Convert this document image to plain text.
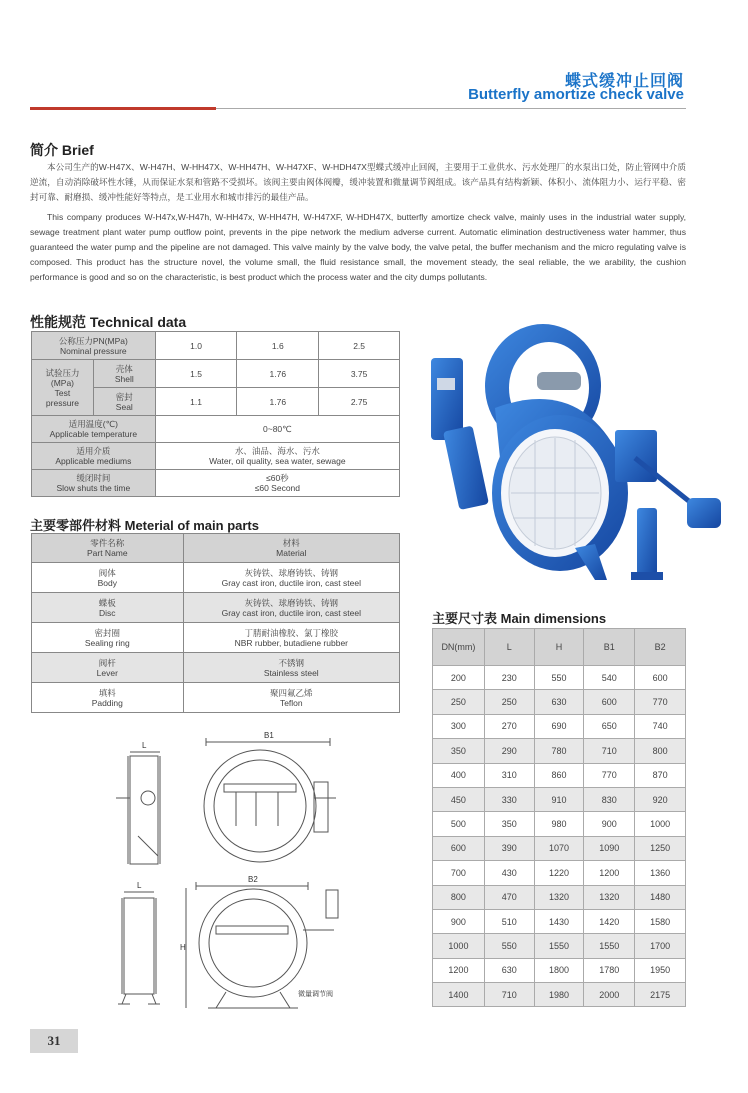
蝶式缓冲止回阀
Butterfly amortize check valve
简介 Brief
本公司生产的W-H47X、W-H47H、W-HH47X、W-HH47H、W-H47XF、W-HDH47X型蝶式缓冲止回阀，主要用于工业供水、污水处理厂的水泵出口处，防止管网中介质逆流，自动消除破坏性水锤，从而保证水泵和管路不受损坏。该阀主要由阀体阀瓣，缓冲装置和微量调节阀组成。该产品具有结构新颖、体积小、流体阻力小、运行平稳、密封可靠、耐磨损、缓冲性能好等特点，是工业用水和城市排污的最佳产品。
This company produces W-H47x,W-H47h, W-HH47x, W-HH47H, W-H47XF, W-HDH47X, butterfly amortize check valve, mainly uses in the industrial water supply, sewage treatment plant water pump outflow point, prevents in the pipe network the medium adverse current. Automatic elimination destructiveness water hammer, thus guaranteed the water pump and the pipeline are not damaged. This valve mainly by the valve body, the valve petal, the buffer mechanism and the micro regulating valve is composed. This product has the structure novel, the volume small, the fluid resistance small, the movement steady, the seal reliable, the we arability, the cushion performance is good and so on the characteristic, is best product which the process water and the city dumps pollutants.
性能规范 Technical data
公称压力PN(MPa)
Nominal pressure		1.0	1.6	2.5
试验压力
(MPa)
Test
pressure	壳体
Shell	1.5	1.76	3.75
	密封
Seal	1.1	1.76	2.75
适用温度(℃)
Applicable temperature		0~80℃		
适用介质
Applicable mediums		水、油品、海水、污水
Water, oil quality, sea water, sewage		
缓闭时间
Slow shuts the time		≤60秒
≤60 Second		
主要零部件材料 Meterial of main parts
零件名称
Part Name	材料
Material
阀体
Body	灰铸铁、球磨铸铁、铸钢
Gray cast iron, ductile iron, cast steel
蝶板
Disc	灰铸铁、球磨铸铁、铸钢
Gray cast iron, ductile iron, cast steel
密封圈
Sealing ring	丁腈耐油橡胶、氯丁橡胶
NBR rubber, butadiene rubber
阀杆
Lever	不锈钢
Stainless steel
填料
Padding	聚四氟乙烯
Teflon
主要尺寸表 Main dimensions
DN(mm)	L	H	B1	B2
200	230	550	540	600
250	250	630	600	770
300	270	690	650	740
350	290	780	710	800
400	310	860	770	870
450	330	910	830	920
500	350	980	900	1000
600	390	1070	1090	1250
700	430	1220	1200	1360
800	470	1320	1320	1480
900	510	1430	1420	1580
1000	550	1550	1550	1700
1200	630	1800	1780	1950
1400	710	1980	2000	2175
L
B1
L
B2
H
微量调节阀
31
